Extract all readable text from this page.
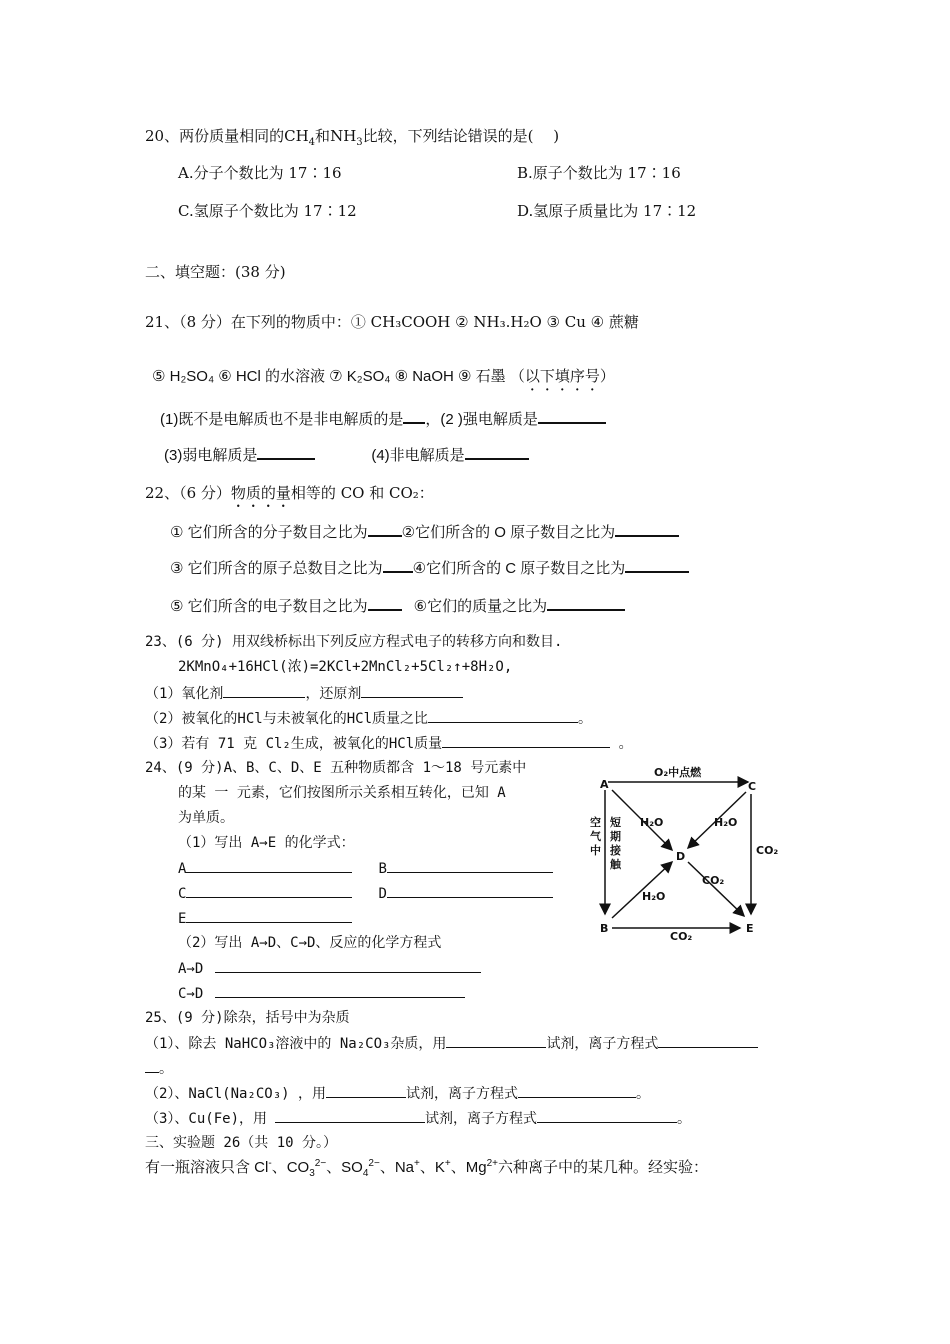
20、两份质量相同的$CH_4$和$NH_3$比较，下列结论错误的是(　 )
A.分子个数比为 17∶16	B.原子个数比为 17∶16
C.氢原子个数比为 17∶12	D.氢原子质量比为 17∶12
二、填空题：(38 分)
21、（8 分）在下列的物质中：① CH₃COOH ② NH₃.H₂O ③ Cu ④ 蔗糖
⑤ H₂SO₄ ⑥ HCl 的水溶液 ⑦ K₂SO₄ ⑧ NaOH ⑨ 石墨 （以下填序号）
(1)既不是电解质也不是非电解质的是 ，(2 )强电解质是
(3)弱电解质是	(4)非电解质是
22、（6 分）物质的量相等的 CO 和 CO₂：
① 它们所含的分子数目之比为 ②它们所含的 O 原子数目之比为
③ 它们所含的原子总数目之比为 ④它们所含的 C 原子数目之比为
⑤ 它们所含的电子数目之比为	⑥它们的质量之比为
23、(6 分) 用双线桥标出下列反应方程式电子的转移方向和数目.
2KMnO₄+16HCl(浓)=2KCl+2MnCl₂+5Cl₂↑+8H₂O,
（1）氧化剂	，还原剂
（2）被氧化的HCl与未被氧化的HCl质量之比	。
（3）若有 71 克 Cl₂生成，被氧化的HCl质量	。
24、(9 分)A、B、C、D、E 五种物质都含 1～18 号元素中
的某 一 元素，它们按图所示关系相互转化，已知 A
为单质。
（1）写出 A→E 的化学式：
A	B
C	D
E
（2）写出 A→D、C→D、反应的化学方程式
A→D
C→D
A
B
C
D
E
O₂中点燃
空
气
中
短
期
接
触
H₂O	H₂O
H₂O
CO₂
CO₂
CO₂
25、(9 分)除杂，括号中为杂质
（1）、除去 NaHCO₃溶液中的 Na₂CO₃杂质，用	试剂，离子方程式
。
（2）、NaCl(Na₂CO₃) ，用	试剂，离子方程式	。
（3）、Cu(Fe)，用	试剂，离子方程式	。
三、实验题 26（共 10 分。）
有一瓶溶液只含 Cl-、$CO_3^{2-}$、$SO_4^{2-}$、Na+、K+、$Mg^{2+}$六种离子中的某几种。经实验：
